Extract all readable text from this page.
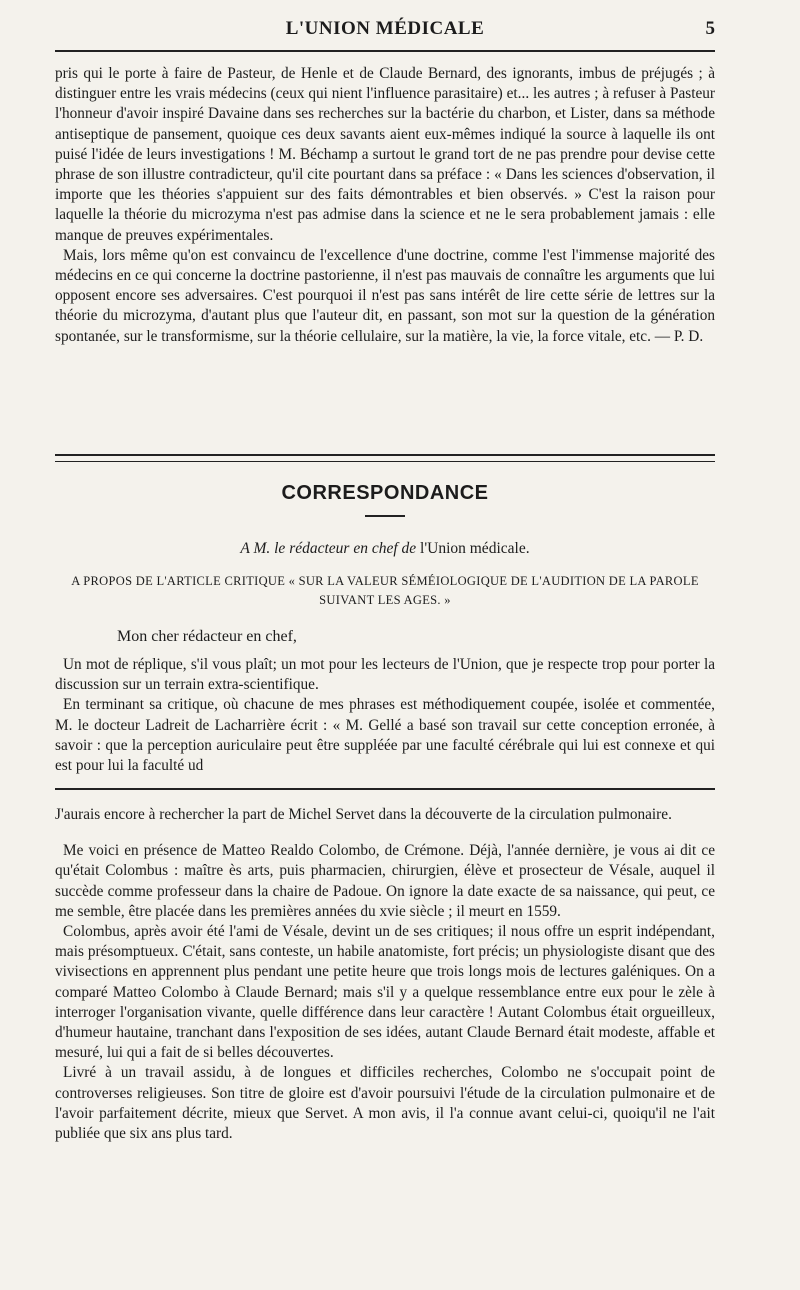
L'UNION MÉDICALE	5

pris qui le porte à faire de Pasteur, de Henle et de Claude Bernard, des ignorants, imbus de préjugés ; à distinguer entre les vrais médecins (ceux qui nient l'influence parasitaire) et... les autres ; à refuser à Pasteur l'honneur d'avoir inspiré Davaine dans ses recherches sur la bactérie du charbon, et Lister, dans sa méthode antiseptique de pansement, quoique ces deux savants aient eux-mêmes indiqué la source à laquelle ils ont puisé l'idée de leurs investigations ! M. Béchamp a surtout le grand tort de ne pas prendre pour devise cette phrase de son illustre contradicteur, qu'il cite pourtant dans sa préface : « Dans les sciences d'observation, il importe que les théories s'appuient sur des faits démontrables et bien observés. » C'est la raison pour laquelle la théorie du microzyma n'est pas admise dans la science et ne le sera probablement jamais : elle manque de preuves expérimentales.

Mais, lors même qu'on est convaincu de l'excellence d'une doctrine, comme l'est l'immense majorité des médecins en ce qui concerne la doctrine pastorienne, il n'est pas mauvais de connaître les arguments que lui opposent encore ses adversaires. C'est pourquoi il n'est pas sans intérêt de lire cette série de lettres sur la théorie du microzyma, d'autant plus que l'auteur dit, en passant, son mot sur la question de la génération spontanée, sur le transformisme, sur la théorie cellulaire, sur la matière, la vie, la force vitale, etc. — P. D.

CORRESPONDANCE
A M. le rédacteur en chef de l'Union médicale.
A PROPOS DE L'ARTICLE CRITIQUE « SUR LA VALEUR SÉMÉIOLOGIQUE DE L'AUDITION DE LA PAROLE
SUIVANT LES AGES. »
Mon cher rédacteur en chef,

Un mot de réplique, s'il vous plaît; un mot pour les lecteurs de l'Union, que je respecte trop pour porter la discussion sur un terrain extra-scientifique.

En terminant sa critique, où chacune de mes phrases est méthodiquement coupée, isolée et commentée, M. le docteur Ladreit de Lacharrière écrit : « M. Gellé a basé son travail sur cette conception erronée, à savoir : que la perception auriculaire peut être suppléée par une faculté cérébrale qui lui est connexe et qui est pour lui la faculté ud

J'aurais encore à rechercher la part de Michel Servet dans la découverte de la circulation pulmonaire.

Me voici en présence de Matteo Realdo Colombo, de Crémone. Déjà, l'année dernière, je vous ai dit ce qu'était Colombus : maître ès arts, puis pharmacien, chirurgien, élève et prosecteur de Vésale, auquel il succède comme professeur dans la chaire de Padoue. On ignore la date exacte de sa naissance, qui peut, ce me semble, être placée dans les premières années du xvie siècle ; il meurt en 1559.

Colombus, après avoir été l'ami de Vésale, devint un de ses critiques; il nous offre un esprit indépendant, mais présomptueux. C'était, sans conteste, un habile anatomiste, fort précis; un physiologiste disant que des vivisections en apprennent plus pendant une petite heure que trois longs mois de lectures galéniques. On a comparé Matteo Colombo à Claude Bernard; mais s'il y a quelque ressemblance entre eux pour le zèle à interroger l'organisation vivante, quelle différence dans leur caractère ! Autant Colombus était orgueilleux, d'humeur hautaine, tranchant dans l'exposition de ses idées, autant Claude Bernard était modeste, affable et mesuré, lui qui a fait de si belles découvertes.

Livré à un travail assidu, à de longues et difficiles recherches, Colombo ne s'occupait point de controverses religieuses. Son titre de gloire est d'avoir poursuivi l'étude de la circulation pulmonaire et de l'avoir parfaitement décrite, mieux que Servet. A mon avis, il l'a connue avant celui-ci, quoiqu'il ne l'ait publiée que six ans plus tard.
